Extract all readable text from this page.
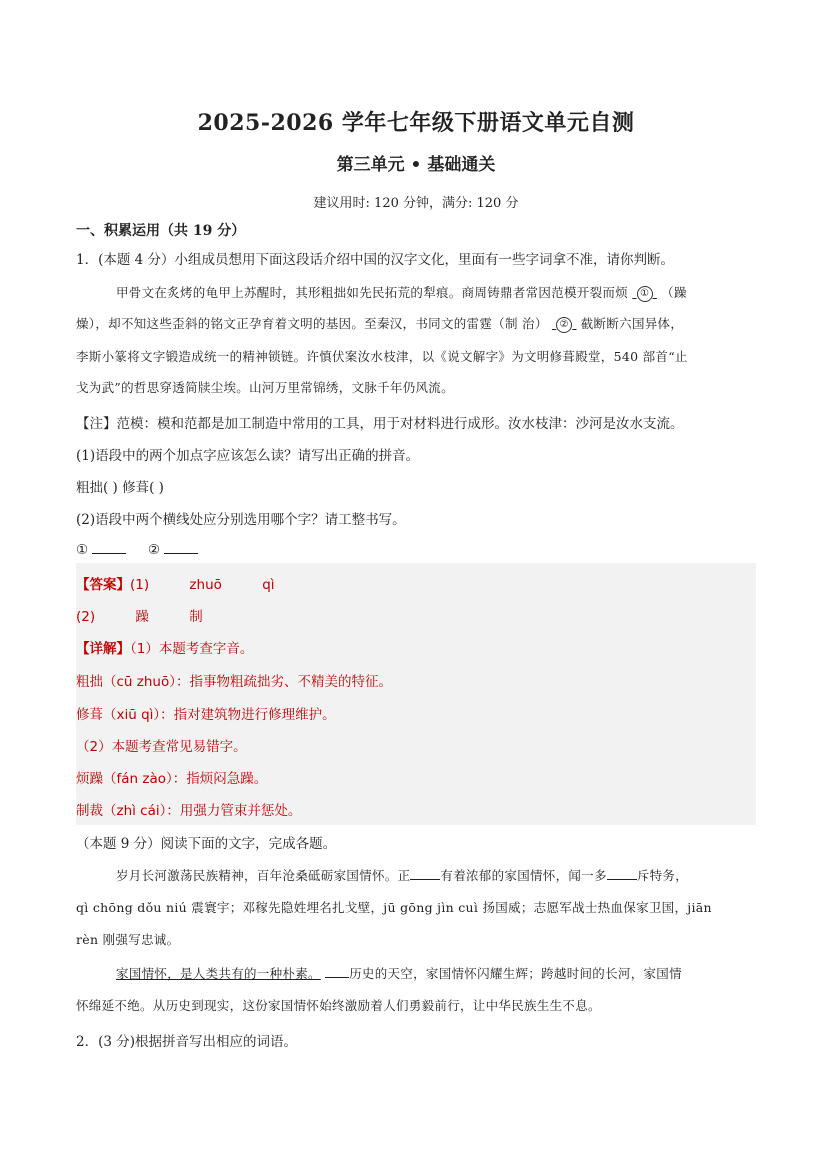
2025-2026 学年七年级下册语文单元自测
第三单元 • 基础通关
建议用时: 120 分钟，满分: 120 分
一、积累运用（共 19 分）
1．(本题 4 分）小组成员想用下面这段话介绍中国的汉字文化，里面有一些字词拿不准，请你判断。
甲骨文在炙烤的龟甲上苏醒时，其形粗拙如先民拓荒的犁痕。商周铸鼎者常因范模开裂而烦 ① （躁
燥），却不知这些歪斜的铭文正孕育着文明的基因。至秦汉，书同文的雷霆（制 治） ② 截断断六国异体，
李斯小篆将文字锻造成统一的精神锁链。许慎伏案汝水枝津，以《说文解字》为文明修葺殿堂，540 部首“止
戈为武”的哲思穿透简牍尘埃。山河万里常锦绣，文脉千年仍风流。
【注】范模：模和范都是加工制造中常用的工具，用于对材料进行成形。汝水枝津：沙河是汝水支流。
(1)语段中的两个加点字应该怎么读？请写出正确的拼音。
粗拙( ) 修葺( )
(2)语段中两个横线处应分别选用哪个字？请工整书写。
①	②
【答案】(1)	zhuō	qì
(2)	躁	制
【详解】（1）本题考查字音。
粗拙（cū zhuō）：指事物粗疏拙劣、不精美的特征。
修葺（xiū qì）：指对建筑物进行修理维护。
（2）本题考查常见易错字。
烦躁（fán zào）：指烦闷急躁。
制裁（zhì cái）：用强力管束并惩处。
（本题 9 分）阅读下面的文字，完成各题。
岁月长河激荡民族精神，百年沧桑砥砺家国情怀。正 有着浓郁的家国情怀，闻一多 斥特务，
qì chōng dǒu niú 震寰宇；邓稼先隐姓埋名扎戈壁，jū gōng jìn cuì 扬国威；志愿军战士热血保家卫国，jiān
rèn 刚强写忠诚。
家国情怀，是人类共有的一种朴素。 历史的天空，家国情怀闪耀生辉；跨越时间的长河，家国情
怀绵延不绝。从历史到现实，这份家国情怀始终激励着人们勇毅前行，让中华民族生生不息。
2．(3 分)根据拼音写出相应的词语。
